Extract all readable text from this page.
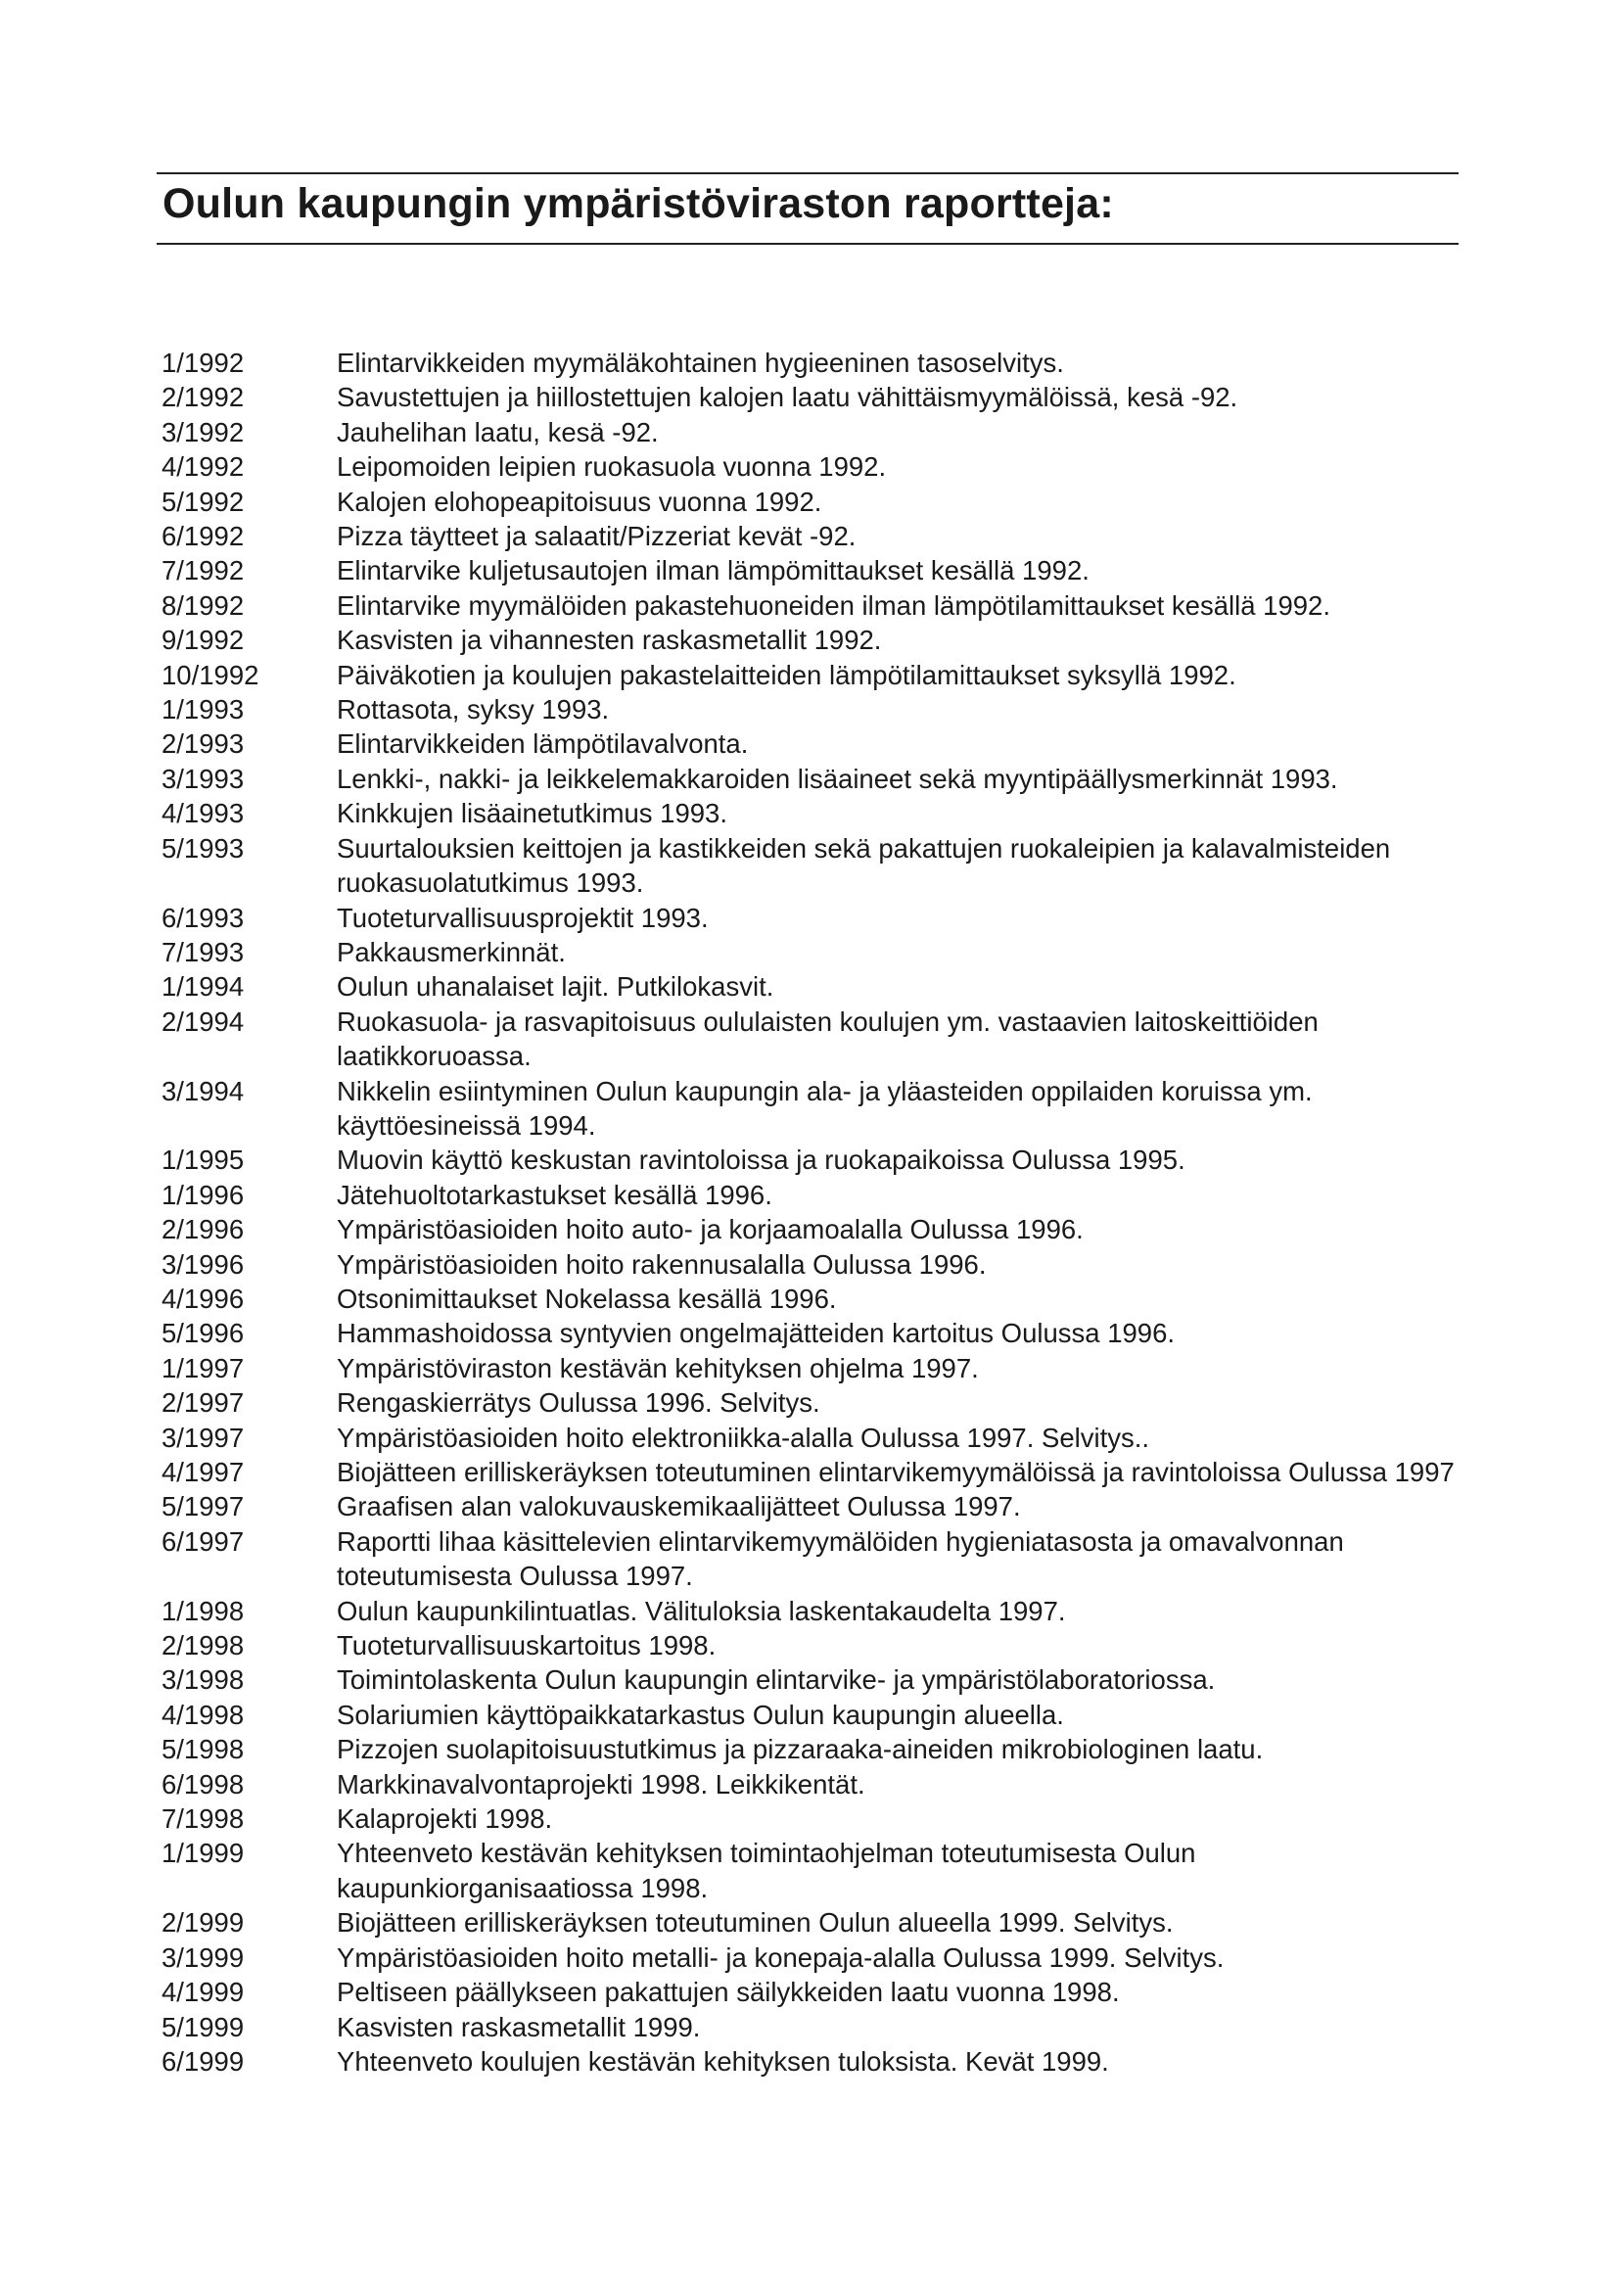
Oulun kaupungin ympäristöviraston raportteja:
1/1992	Elintarvikkeiden myymäläkohtainen hygieeninen tasoselvitys.
2/1992	Savustettujen ja hiillostettujen kalojen laatu vähittäismyymälöissä, kesä -92.
3/1992	Jauhelihan laatu, kesä -92.
4/1992	Leipomoiden leipien ruokasuola vuonna 1992.
5/1992	Kalojen elohopeapitoisuus vuonna 1992.
6/1992	Pizza täytteet ja salaatit/Pizzeriat kevät -92.
7/1992	Elintarvike kuljetusautojen ilman lämpömittaukset kesällä 1992.
8/1992	Elintarvike myymälöiden pakastehuoneiden ilman lämpötilamittaukset kesällä 1992.
9/1992	Kasvisten ja vihannesten raskasmetallit 1992.
10/1992	Päiväkotien ja koulujen pakastelaitteiden lämpötilamittaukset syksyllä 1992.
1/1993	Rottasota, syksy 1993.
2/1993	Elintarvikkeiden lämpötilavalvonta.
3/1993	Lenkki-, nakki- ja leikkelemakkaroiden lisäaineet sekä myyntipäällysmerkinnät 1993.
4/1993	Kinkkujen lisäainetutkimus 1993.
5/1993	Suurtalouksien keittojen ja kastikkeiden sekä pakattujen ruokaleipien ja kalavalmisteiden ruokasuolatutkimus 1993.
6/1993	Tuoteturvallisuusprojektit 1993.
7/1993	Pakkausmerkinnät.
1/1994	Oulun uhanalaiset lajit. Putkilokasvit.
2/1994	Ruokasuola- ja rasvapitoisuus oululaisten koulujen ym. vastaavien laitoskeittiöiden laatikkoruoassa.
3/1994	Nikkelin esiintyminen Oulun kaupungin ala- ja yläasteiden oppilaiden koruissa ym. käyttöesineissä 1994.
1/1995	Muovin käyttö keskustan ravintoloissa ja ruokapaikoissa Oulussa 1995.
1/1996	Jätehuoltotarkastukset kesällä 1996.
2/1996	Ympäristöasioiden hoito auto- ja korjaamoalalla Oulussa 1996.
3/1996	Ympäristöasioiden hoito rakennusalalla Oulussa 1996.
4/1996	Otsonimittaukset Nokelassa kesällä 1996.
5/1996	Hammashoidossa syntyvien ongelmajätteiden kartoitus Oulussa 1996.
1/1997	Ympäristöviraston kestävän kehityksen ohjelma 1997.
2/1997	Rengaskierrätys Oulussa 1996. Selvitys.
3/1997	Ympäristöasioiden hoito elektroniikka-alalla Oulussa 1997. Selvitys..
4/1997	Biojätteen erilliskeräyksen toteutuminen elintarvikemyymälöissä ja ravintoloissa Oulussa 1997
5/1997	Graafisen alan valokuvauskemikaalijätteet Oulussa 1997.
6/1997	Raportti lihaa käsittelevien elintarvikemyymälöiden hygieniatasosta ja omavalvonnan toteutumisesta Oulussa 1997.
1/1998	Oulun kaupunkilintuatlas. Välituloksia laskentakaudelta 1997.
2/1998	Tuoteturvallisuuskartoitus 1998.
3/1998	Toimintolaskenta Oulun kaupungin elintarvike- ja ympäristölaboratoriossa.
4/1998	Solariumien käyttöpaikkatarkastus Oulun kaupungin alueella.
5/1998	Pizzojen suolapitoisuustutkimus ja pizzaraaka-aineiden mikrobiologinen laatu.
6/1998	Markkinavalvontaprojekti 1998. Leikkikentät.
7/1998	Kalaprojekti 1998.
1/1999	Yhteenveto kestävän kehityksen toimintaohjelman toteutumisesta Oulun kaupunkiorganisaatiossa 1998.
2/1999	Biojätteen erilliskeräyksen toteutuminen Oulun alueella 1999. Selvitys.
3/1999	Ympäristöasioiden hoito metalli- ja konepaja-alalla Oulussa 1999. Selvitys.
4/1999	Peltiseen päällykseen pakattujen säilykkeiden laatu vuonna 1998.
5/1999	Kasvisten raskasmetallit 1999.
6/1999	Yhteenveto koulujen kestävän kehityksen tuloksista. Kevät 1999.
